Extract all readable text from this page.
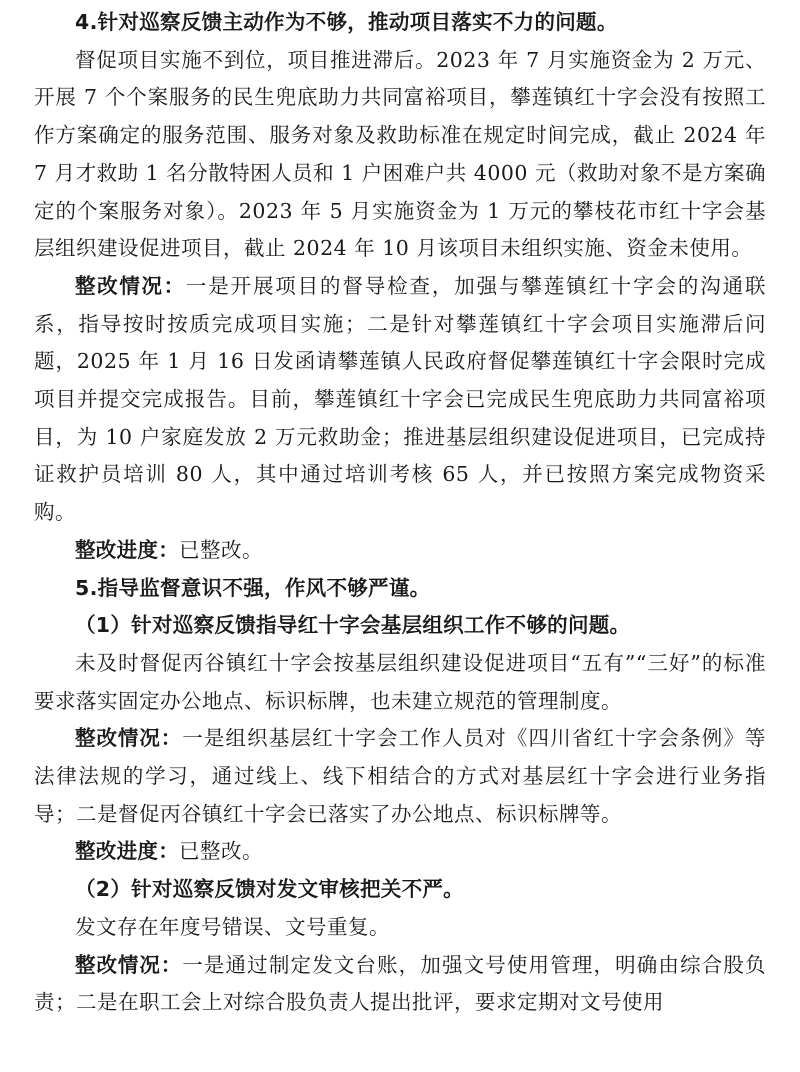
4.针对巡察反馈主动作为不够，推动项目落实不力的问题。

督促项目实施不到位，项目推进滞后。2023 年 7 月实施资金为 2 万元、开展 7 个个案服务的民生兜底助力共同富裕项目，攀莲镇红十字会没有按照工作方案确定的服务范围、服务对象及救助标准在规定时间完成，截止 2024 年 7 月才救助 1 名分散特困人员和 1 户困难户共 4000 元（救助对象不是方案确定的个案服务对象）。2023 年 5 月实施资金为 1 万元的攀枝花市红十字会基层组织建设促进项目，截止 2024 年 10 月该项目未组织实施、资金未使用。

整改情况：一是开展项目的督导检查，加强与攀莲镇红十字会的沟通联系，指导按时按质完成项目实施；二是针对攀莲镇红十字会项目实施滞后问题，2025 年 1 月 16 日发函请攀莲镇人民政府督促攀莲镇红十字会限时完成项目并提交完成报告。目前，攀莲镇红十字会已完成民生兜底助力共同富裕项目，为 10 户家庭发放 2 万元救助金；推进基层组织建设促进项目，已完成持证救护员培训 80 人，其中通过培训考核 65 人，并已按照方案完成物资采购。

整改进度：已整改。

5.指导监督意识不强，作风不够严谨。

（1）针对巡察反馈指导红十字会基层组织工作不够的问题。

未及时督促丙谷镇红十字会按基层组织建设促进项目“五有”“三好”的标准要求落实固定办公地点、标识标牌，也未建立规范的管理制度。

整改情况：一是组织基层红十字会工作人员对《四川省红十字会条例》等法律法规的学习，通过线上、线下相结合的方式对基层红十字会进行业务指导；二是督促丙谷镇红十字会已落实了办公地点、标识标牌等。

整改进度：已整改。

（2）针对巡察反馈对发文审核把关不严。

发文存在年度号错误、文号重复。

整改情况：一是通过制定发文台账，加强文号使用管理，明确由综合股负责；二是在职工会上对综合股负责人提出批评，要求定期对文号使用
